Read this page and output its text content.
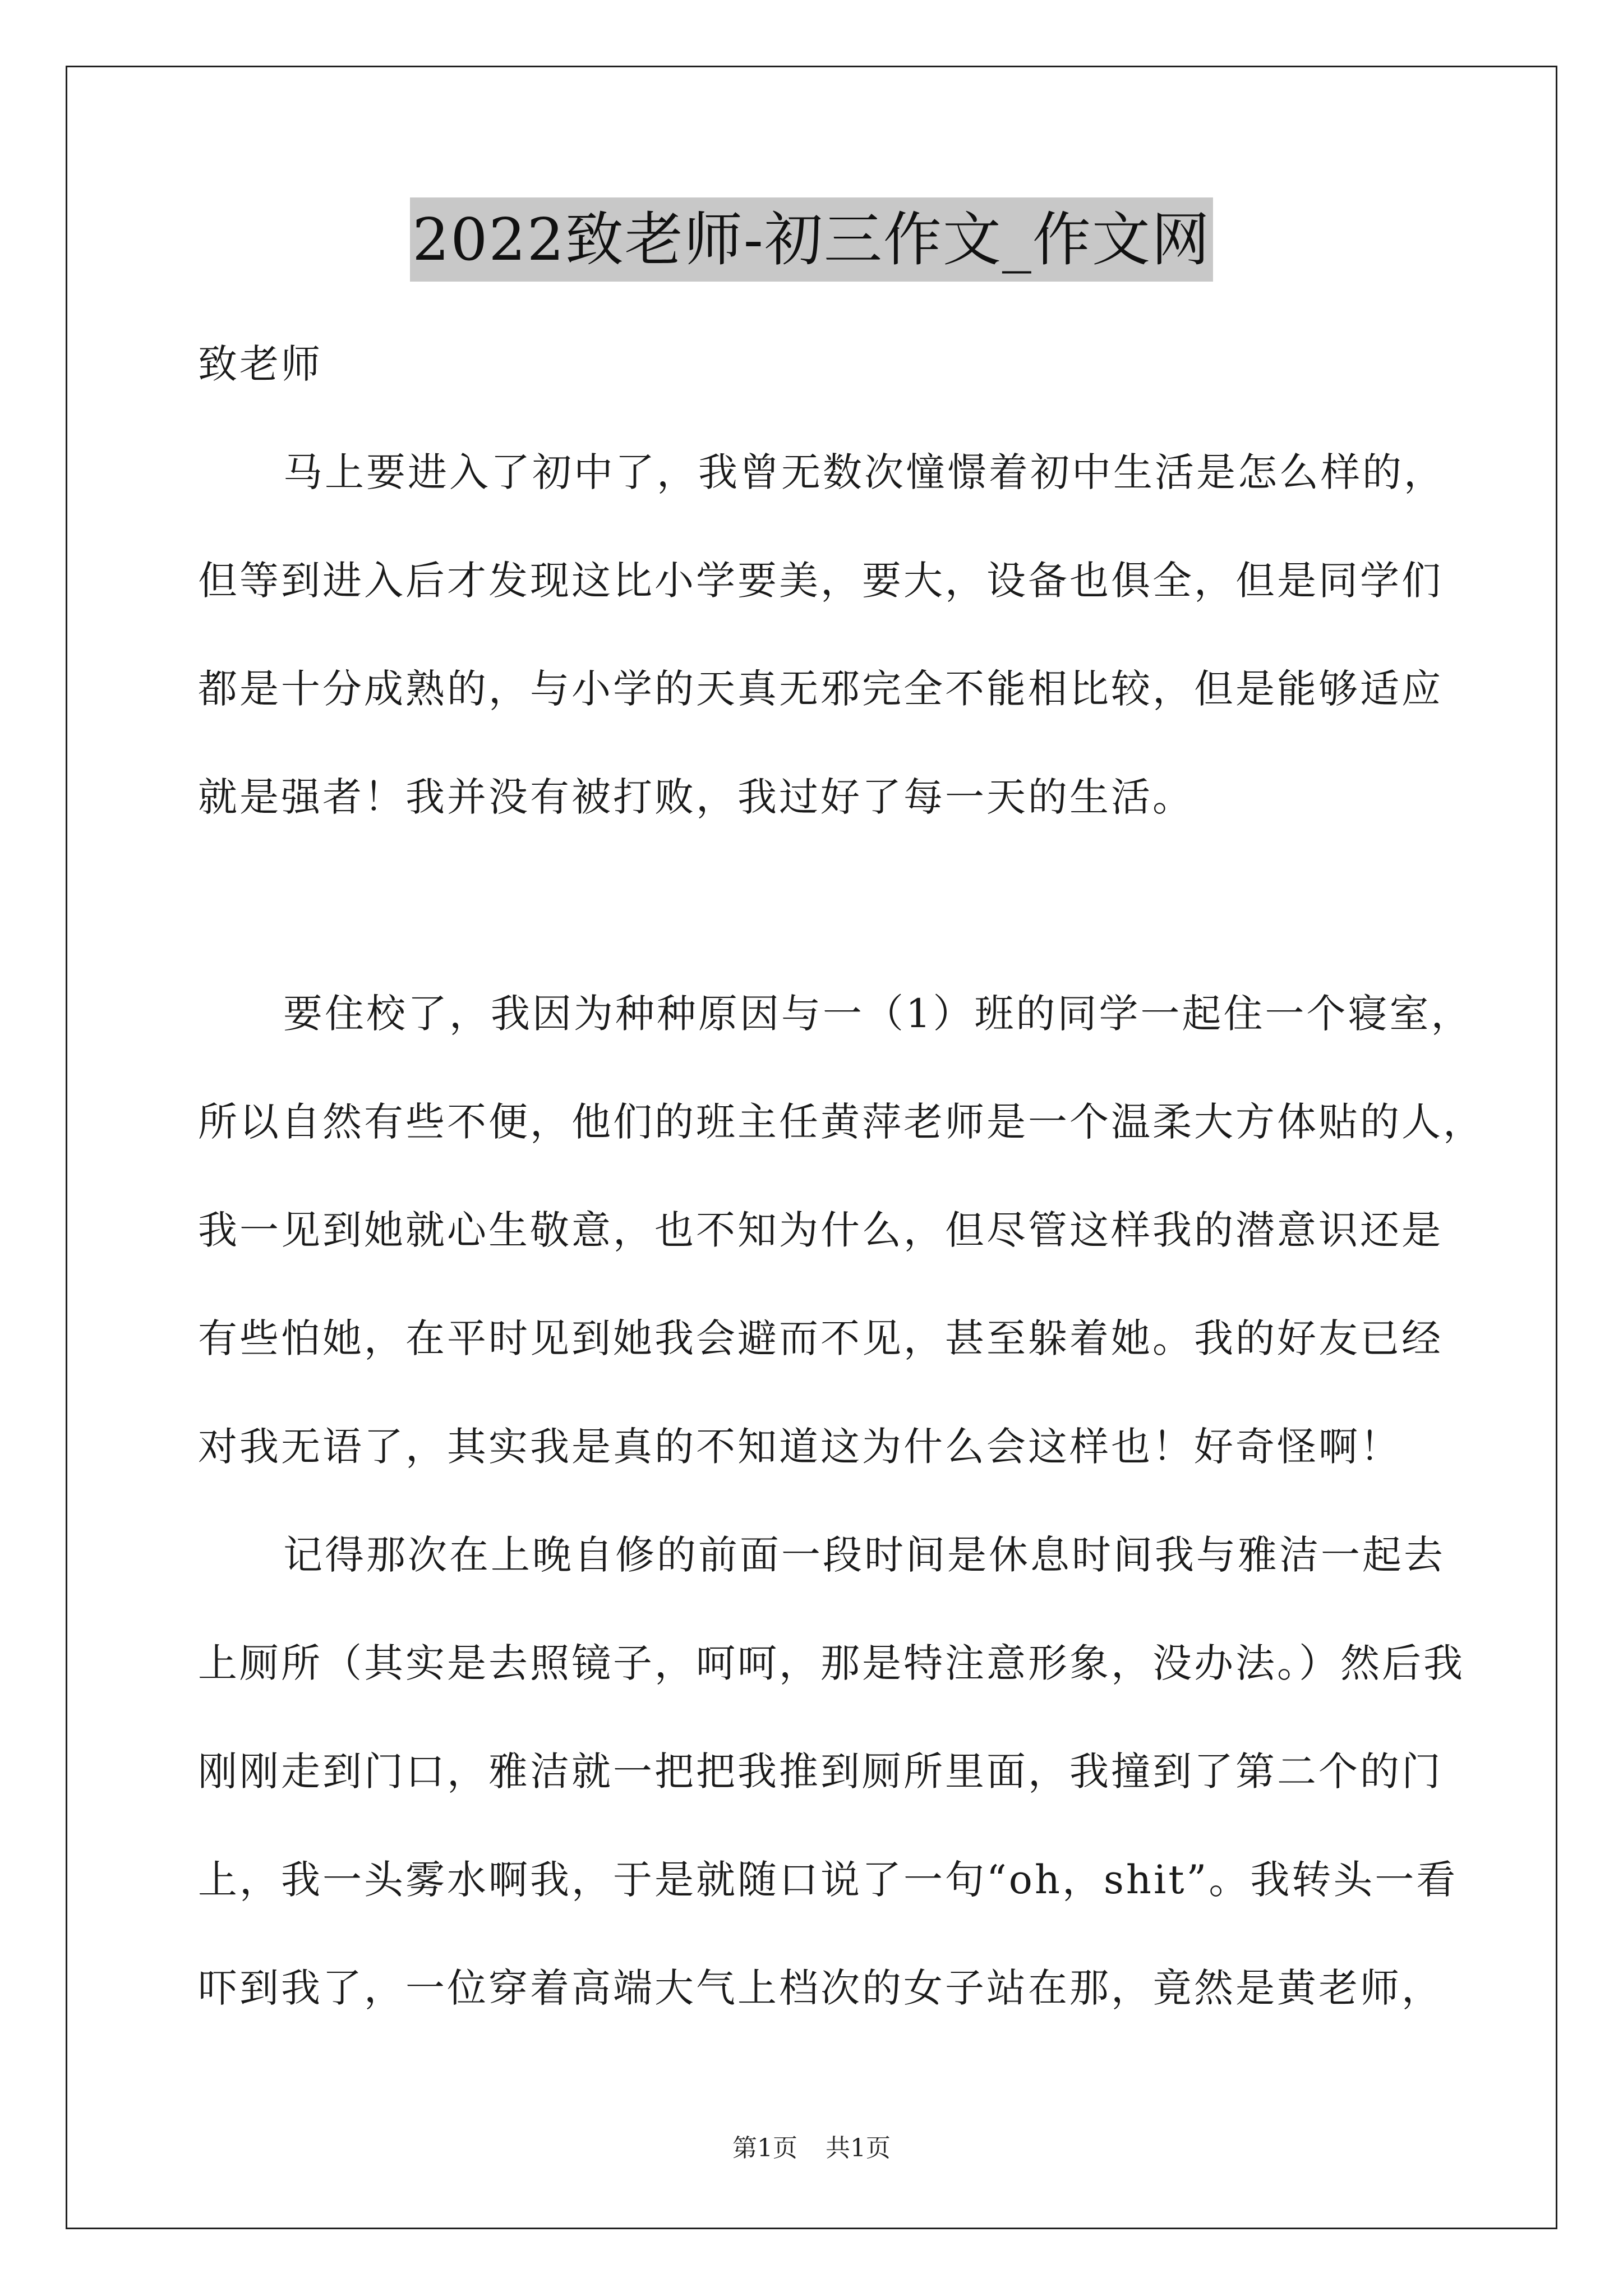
2022致老师-初三作文_作文网

致老师

马上要进入了初中了，我曾无数次憧憬着初中生活是怎么样的，

但等到进入后才发现这比小学要美，要大，设备也俱全，但是同学们

都是十分成熟的，与小学的天真无邪完全不能相比较，但是能够适应

就是强者！我并没有被打败，我过好了每一天的生活。

要住校了，我因为种种原因与一（1）班的同学一起住一个寝室，

所以自然有些不便，他们的班主任黄萍老师是一个温柔大方体贴的人，

我一见到她就心生敬意，也不知为什么，但尽管这样我的潜意识还是

有些怕她，在平时见到她我会避而不见，甚至躲着她。我的好友已经

对我无语了，其实我是真的不知道这为什么会这样也！好奇怪啊！

记得那次在上晚自修的前面一段时间是休息时间我与雅洁一起去

上厕所（其实是去照镜子，呵呵，那是特注意形象，没办法。）然后我

刚刚走到门口，雅洁就一把把我推到厕所里面，我撞到了第二个的门

上，我一头雾水啊我，于是就随口说了一句“oh，shit”。我转头一看

吓到我了，一位穿着高端大气上档次的女子站在那，竟然是黄老师，

第1页 共1页
